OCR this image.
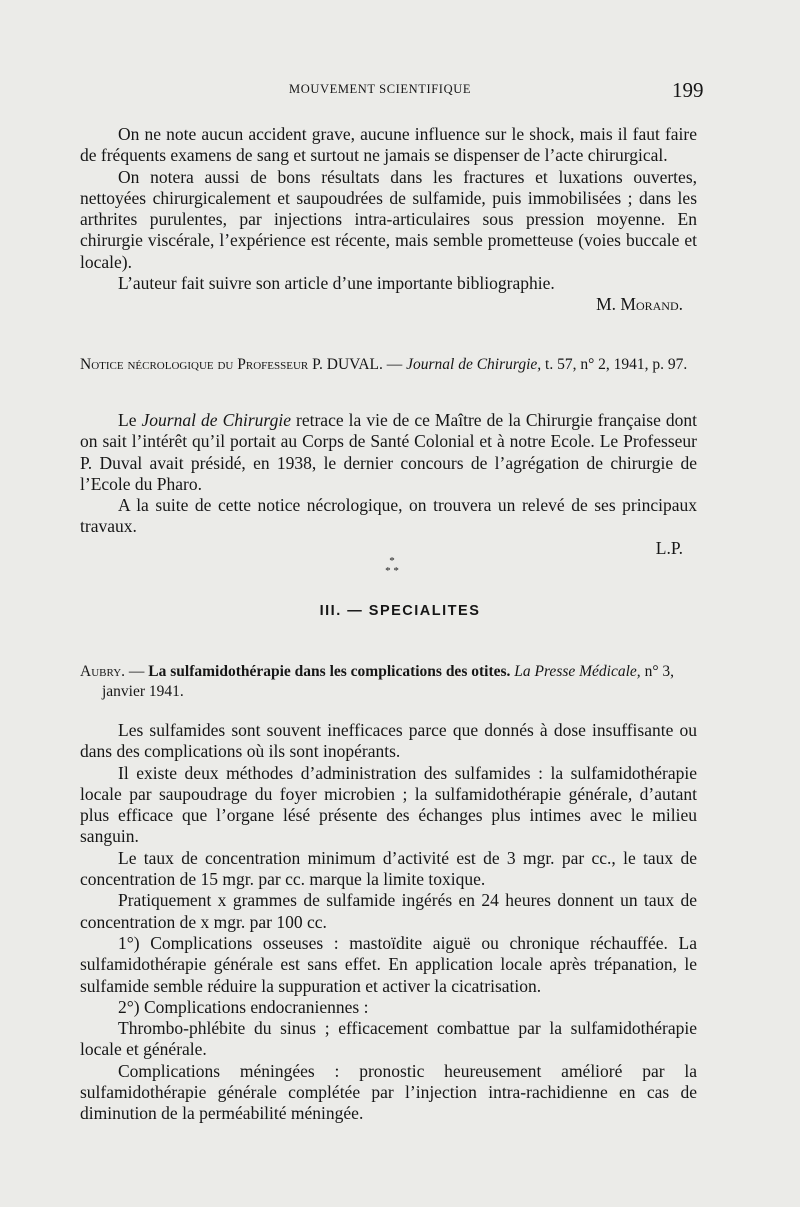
MOUVEMENT SCIENTIFIQUE	199

On ne note aucun accident grave, aucune influence sur le shock, mais il faut faire de fréquents examens de sang et surtout ne jamais se dispenser de l’acte chirurgical.

On notera aussi de bons résultats dans les fractures et luxations ouvertes, nettoyées chirurgicalement et saupoudrées de sulfamide, puis immobilisées ; dans les arthrites purulentes, par injections intra-articulaires sous pression moyenne. En chirurgie viscérale, l’expérience est récente, mais semble prometteuse (voies buccale et locale).

L’auteur fait suivre son article d’une importante bibliographie.

M. Morand.

Notice nécrologique du Professeur P. DUVAL. — Journal de Chirurgie, t. 57, n° 2, 1941, p. 97.

Le Journal de Chirurgie retrace la vie de ce Maître de la Chirurgie française dont on sait l’intérêt qu’il portait au Corps de Santé Colonial et à notre Ecole. Le Professeur P. Duval avait présidé, en 1938, le dernier concours de l’agrégation de chirurgie de l’Ecole du Pharo.

A la suite de cette notice nécrologique, on trouvera un relevé de ses principaux travaux.

L.P.

*
* *
III. — SPECIALITES

Aubry. — La sulfamidothérapie dans les complications des otites. La Presse Médicale, n° 3, janvier 1941.

Les sulfamides sont souvent inefficaces parce que donnés à dose insuffisante ou dans des complications où ils sont inopérants.

Il existe deux méthodes d’administration des sulfamides : la sulfamidothérapie locale par saupoudrage du foyer microbien ; la sulfamidothérapie générale, d’autant plus efficace que l’organe lésé présente des échanges plus intimes avec le milieu sanguin.

Le taux de concentration minimum d’activité est de 3 mgr. par cc., le taux de concentration de 15 mgr. par cc. marque la limite toxique.

Pratiquement x grammes de sulfamide ingérés en 24 heures donnent un taux de concentration de x mgr. par 100 cc.

1°) Complications osseuses : mastoïdite aiguë ou chronique réchauffée. La sulfamidothérapie générale est sans effet. En application locale après trépanation, le sulfamide semble réduire la suppuration et activer la cicatrisation.

2°) Complications endocraniennes :

Thrombo-phlébite du sinus ; efficacement combattue par la sulfamidothérapie locale et générale.

Complications méningées : pronostic heureusement amélioré par la sulfamidothérapie générale complétée par l’injection intra-rachidienne en cas de diminution de la perméabilité méningée.
